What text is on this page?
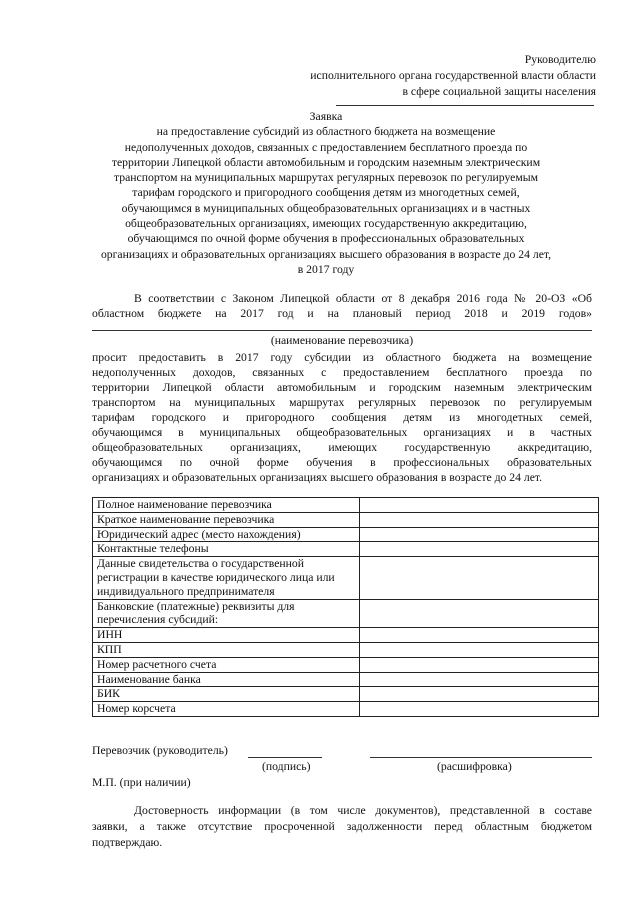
Руководителю
исполнительного органа государственной власти области
в сфере социальной защиты населения
Заявка
на предоставление субсидий из областного бюджета на возмещение
недополученных доходов, связанных с предоставлением бесплатного проезда по
территории Липецкой области автомобильным и городским наземным электрическим
транспортом на муниципальных маршрутах регулярных перевозок по регулируемым
тарифам городского и пригородного сообщения детям из многодетных семей,
обучающимся в муниципальных общеобразовательных организациях и в частных
общеобразовательных организациях, имеющих государственную аккредитацию,
обучающимся по очной форме обучения в профессиональных образовательных
организациях и образовательных организациях высшего образования в возрасте до 24 лет,
в 2017 году
В соответствии с Законом Липецкой области от 8 декабря 2016 года № 20-ОЗ «Об
областном бюджете на 2017 год и на плановый период 2018 и 2019 годов»
(наименование перевозчика)
просит предоставить в 2017 году субсидии из областного бюджета на возмещение
недополученных доходов, связанных с предоставлением бесплатного проезда по
территории Липецкой области автомобильным и городским наземным электрическим
транспортом на муниципальных маршрутах регулярных перевозок по регулируемым
тарифам городского и пригородного сообщения детям из многодетных семей,
обучающимся в муниципальных общеобразовательных организациях и в частных
общеобразовательных организациях, имеющих государственную аккредитацию,
обучающимся по очной форме обучения в профессиональных образовательных
организациях и образовательных организациях высшего образования в возрасте до 24 лет.
Полное наименование перевозчика	
Краткое наименование перевозчика	
Юридический адрес (место нахождения)	
Контактные телефоны	
Данные свидетельства о государственной регистрации в качестве юридического лица или индивидуального предпринимателя	
Банковские (платежные) реквизиты для перечисления субсидий:	
ИНН	
КПП	
Номер расчетного счета	
Наименование банка	
БИК	
Номер корсчета	
Перевозчик (руководитель)
(подпись)	(расшифровка)
М.П. (при наличии)
Достоверность информации (в том числе документов), представленной в составе
заявки, а также отсутствие просроченной задолженности перед областным бюджетом
подтверждаю.
